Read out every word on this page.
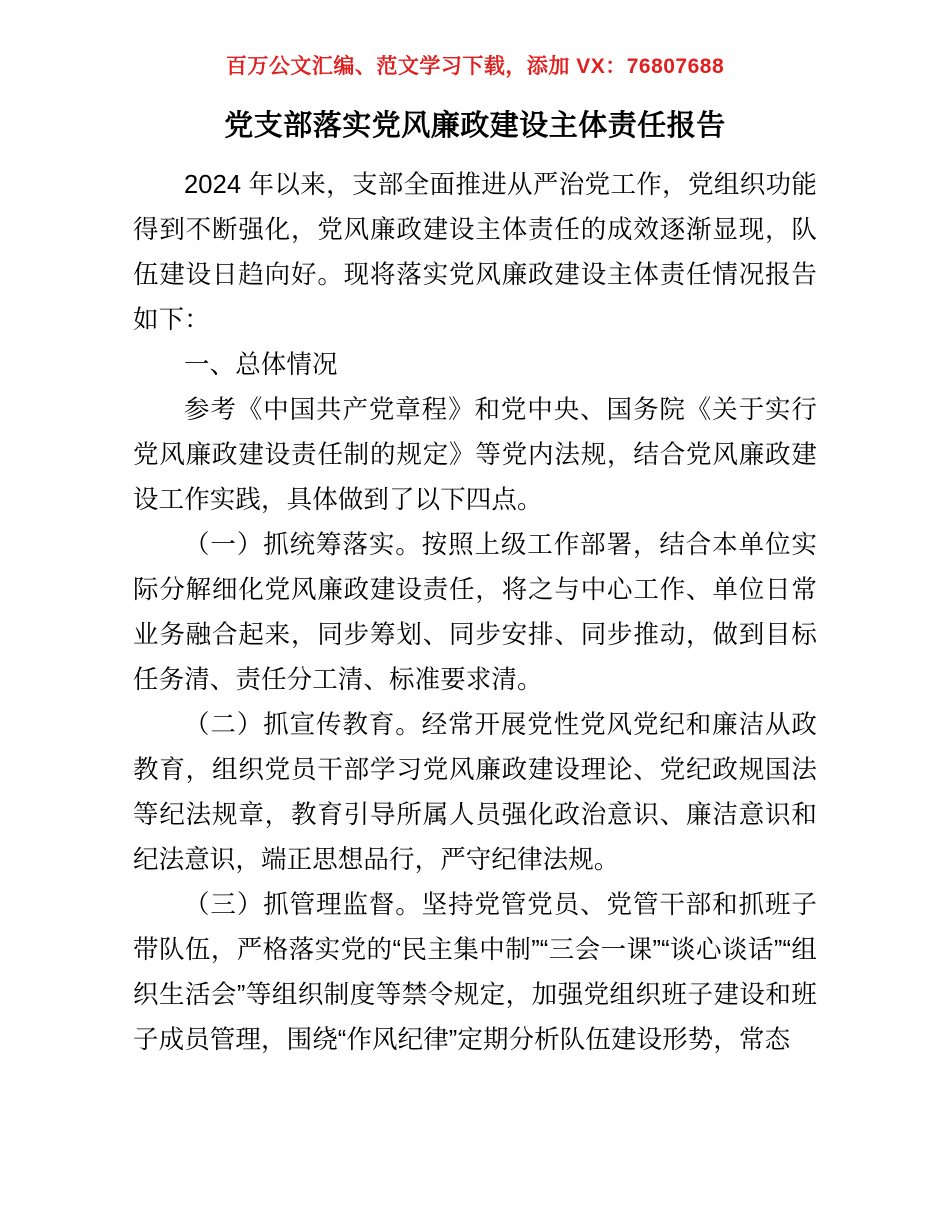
百万公文汇编、范文学习下载，添加 VX：76807688
党支部落实党风廉政建设主体责任报告

2024 年以来，支部全面推进从严治党工作，党组织功能得到不断强化，党风廉政建设主体责任的成效逐渐显现，队伍建设日趋向好。现将落实党风廉政建设主体责任情况报告如下：

一、总体情况

参考《中国共产党章程》和党中央、国务院《关于实行党风廉政建设责任制的规定》等党内法规，结合党风廉政建设工作实践，具体做到了以下四点。

（一）抓统筹落实。按照上级工作部署，结合本单位实际分解细化党风廉政建设责任，将之与中心工作、单位日常业务融合起来，同步筹划、同步安排、同步推动，做到目标任务清、责任分工清、标准要求清。

（二）抓宣传教育。经常开展党性党风党纪和廉洁从政教育，组织党员干部学习党风廉政建设理论、党纪政规国法等纪法规章，教育引导所属人员强化政治意识、廉洁意识和纪法意识，端正思想品行，严守纪律法规。

（三）抓管理监督。坚持党管党员、党管干部和抓班子带队伍，严格落实党的“民主集中制”“三会一课”“谈心谈话”“组织生活会”等组织制度等禁令规定，加强党组织班子建设和班子成员管理，围绕“作风纪律”定期分析队伍建设形势，常态
